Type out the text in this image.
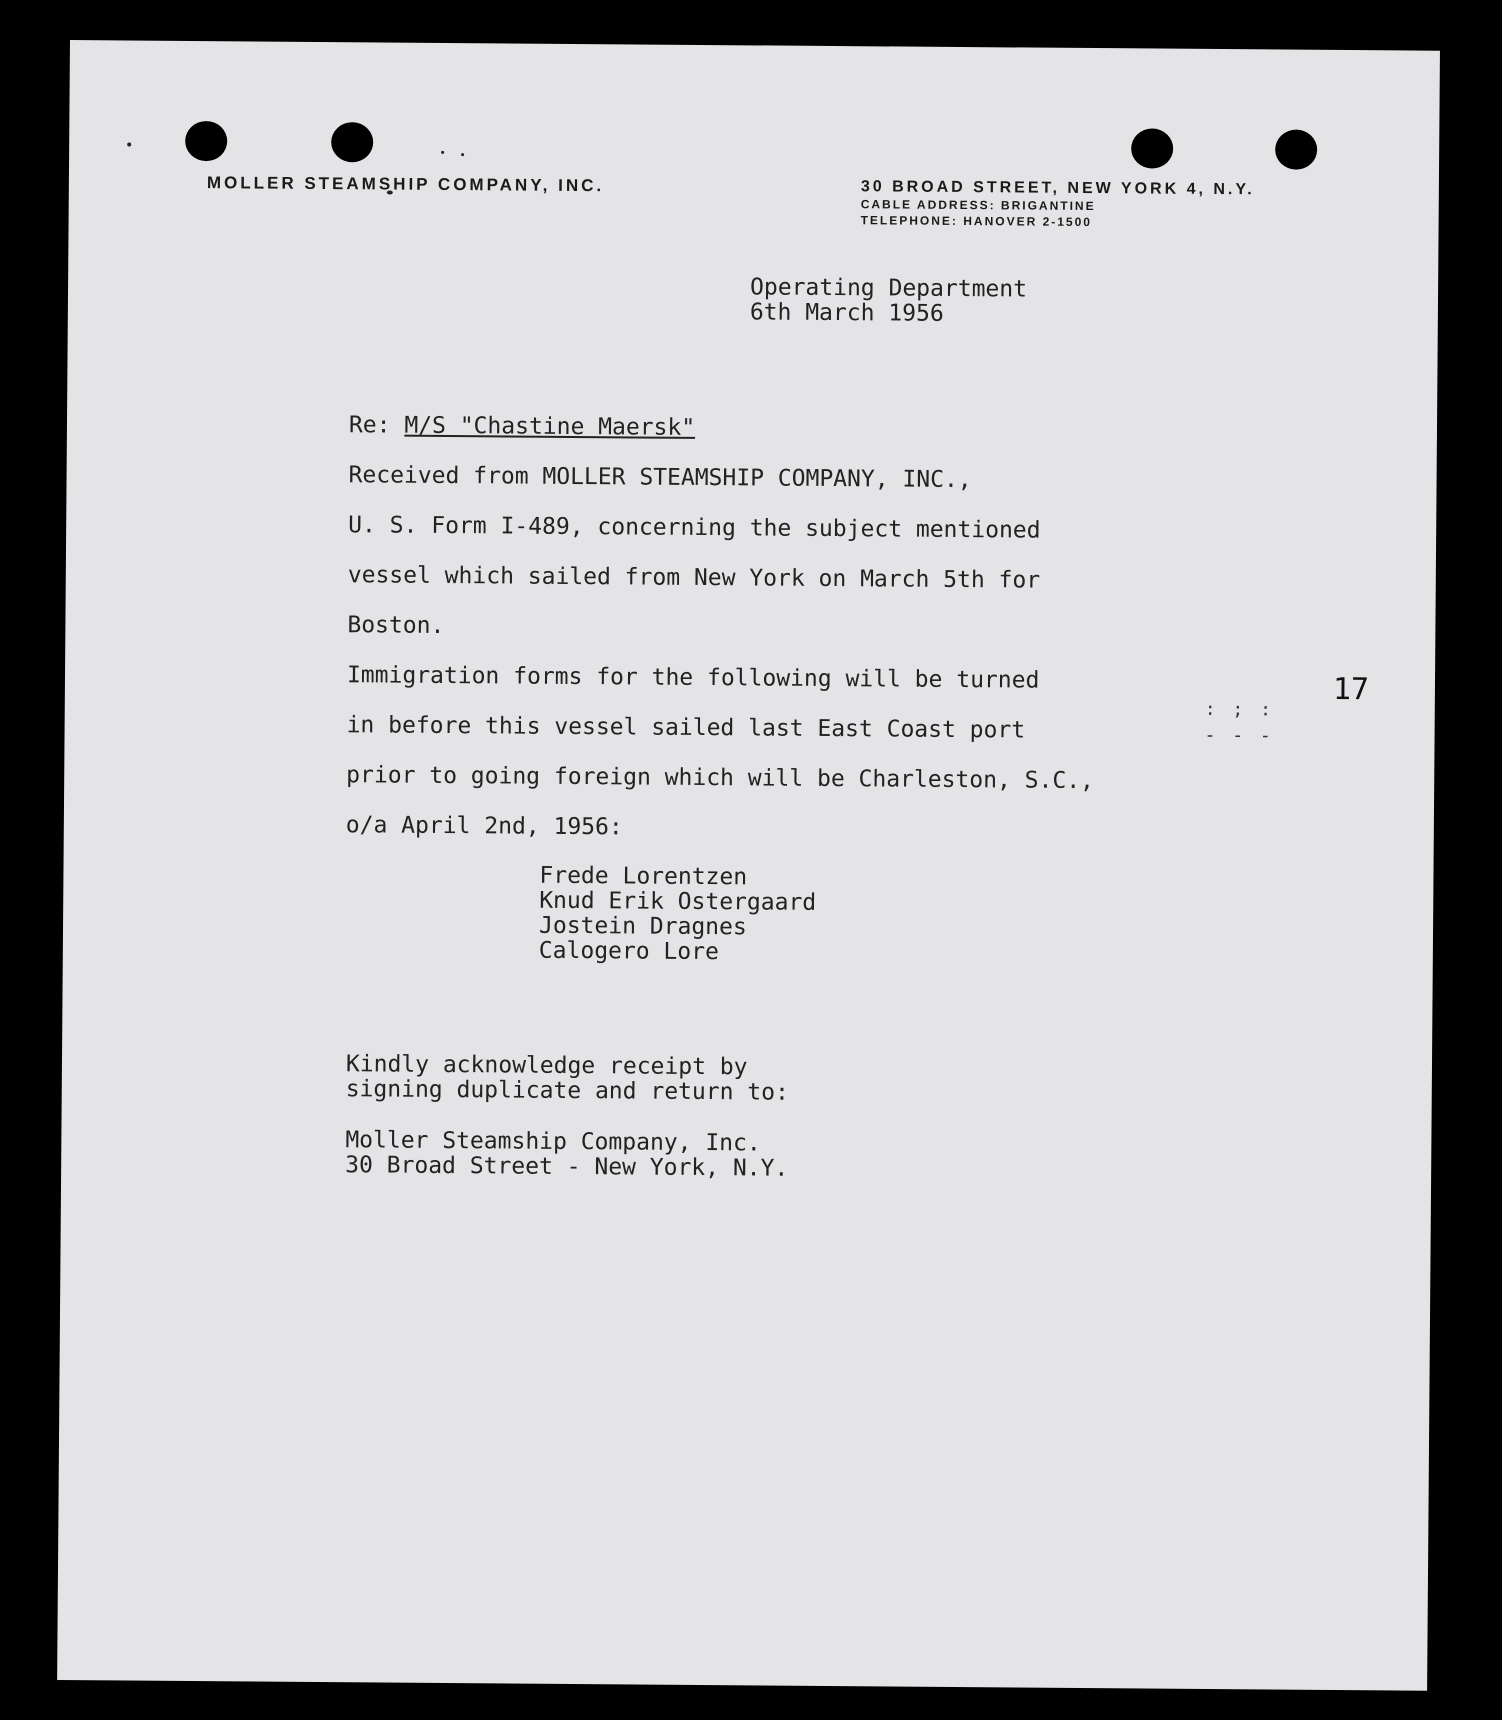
MOLLER STEAMSHIP COMPANY, INC.	30 BROAD STREET, NEW YORK 4, N.Y.
CABLE ADDRESS: BRIGANTINE
TELEPHONE: HANOVER 2-1500
Operating Department
6th March 1956
Re: M/S "Chastine Maersk"
Received from MOLLER STEAMSHIP COMPANY, INC.,
U. S. Form I-489, concerning the subject mentioned
vessel which sailed from New York on March 5th for
Boston.
Immigration forms for the following will be turned
in before this vessel sailed last East Coast port
prior to going foreign which will be Charleston, S.C.,
o/a April 2nd, 1956:
Frede Lorentzen
Knud Erik Ostergaard
Jostein Dragnes
Calogero Lore
Kindly acknowledge receipt by
signing duplicate and return to:
Moller Steamship Company, Inc.
30 Broad Street - New York, N.Y.
: ; :
- - -
17
